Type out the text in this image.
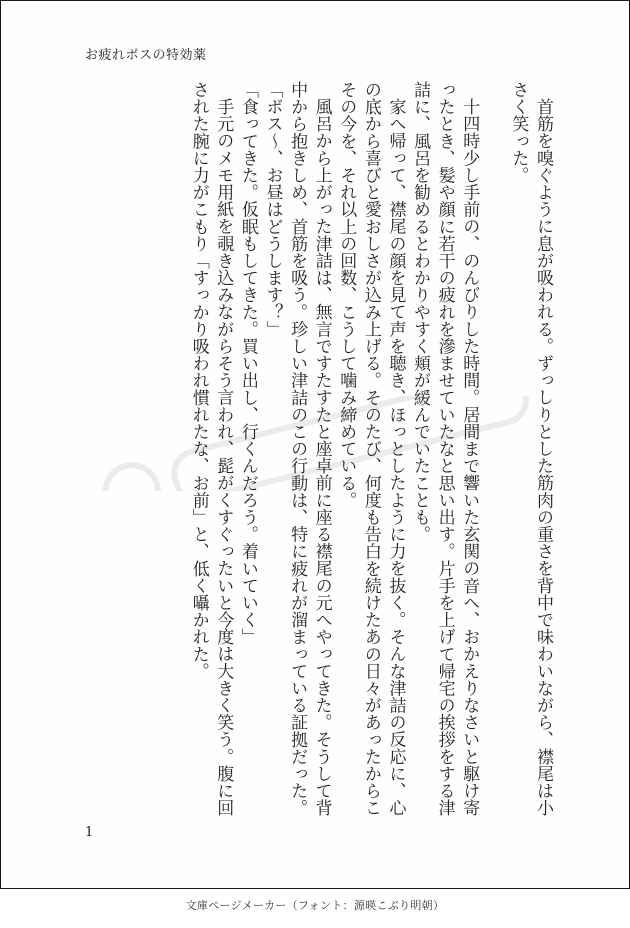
お疲れボスの特効薬

首筋を嗅ぐように息が吸われる。ずっしりとした筋肉の重さを背中で味わいながら、襟尾は小さく笑った。

十四時少し手前の、のんびりした時間。居間まで響いた玄関の音へ、おかえりなさいと駆け寄ったとき、髪や顔に若干の疲れを滲ませていたなと思い出す。片手を上げて帰宅の挨拶をする津詰に、風呂を勧めるとわかりやすく頬が緩んでいたことも。

家へ帰って、襟尾の顔を見て声を聴き、ほっとしたように力を抜く。そんな津詰の反応に、心の底から喜びと愛おしさが込み上げる。そのたび、何度も告白を続けたあの日々があったからこその今を、それ以上の回数、こうして噛み締めている。

風呂から上がった津詰は、無言ですたすたと座卓前に座る襟尾の元へやってきた。そうして背中から抱きしめ、首筋を吸う。珍しい津詰のこの行動は、特に疲れが溜まっている証拠だった。

「ボス～、お昼はどうします？」

「食ってきた。仮眠もしてきた。買い出し、行くんだろう。着いていく」

手元のメモ用紙を覗き込みながらそう言われ、髭がくすぐったいと今度は大きく笑う。腹に回された腕に力がこもり「すっかり吸われ慣れたな、お前」と、低く囁かれた。

1
文庫ページメーカー（フォント：源暎こぶり明朝）
